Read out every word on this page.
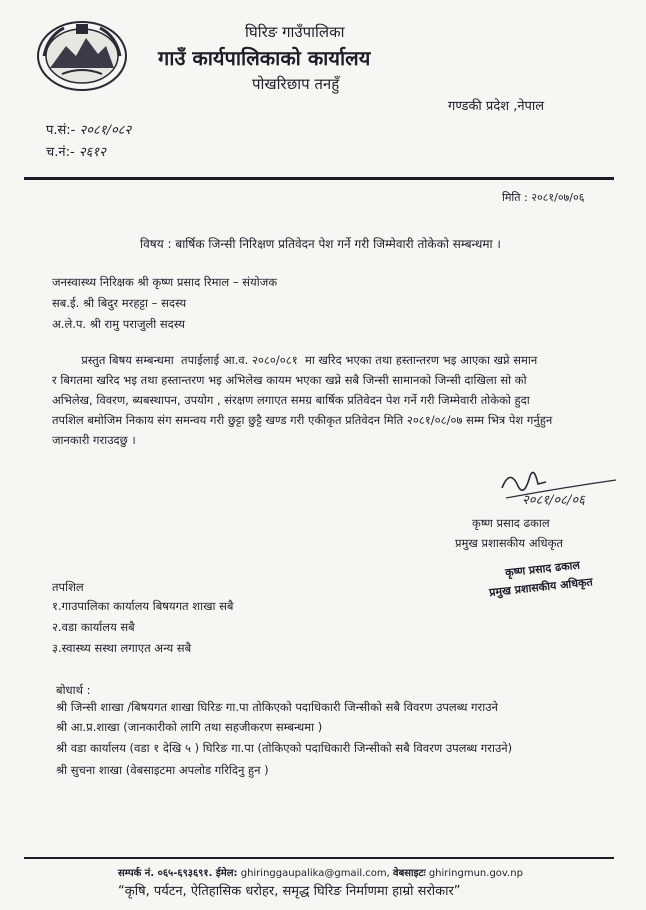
घिरिङ गाउँपालिका
गाउँ कार्यपालिकाको कार्यालय
पोखरिछाप तनहुँ
गण्डकी प्रदेश ,नेपाल
प.सं:- २०८१/०८२
च.नं:- २६१२
मिति : २०८१/०७/०६
विषय : बार्षिक जिन्सी निरिक्षण प्रतिवेदन पेश गर्ने गरी जिम्मेवारी तोकेको सम्बन्धमा ।
जनस्वास्थ्य निरिक्षक श्री कृष्ण प्रसाद रिमाल – संयोजक
सब.ई. श्री बिदुर मरहट्टा – सदस्य
अ.ले.प. श्री रामु पराजुली सदस्य
प्रस्तुत बिषय सम्बन्धमा  तपाईलाई आ.व. २०८०/०८१  मा खरिद भएका तथा हस्तान्तरण भइ आएका खप्ने समान
र बिगतमा खरिद भइ तथा हस्तान्तरण भइ अभिलेख कायम भएका खप्ने सबै जिन्सी सामानको जिन्सी दाखिला सो को
अभिलेख, विवरण, ब्यबस्थापन, उपयोग , संरक्षण लगाएत समग्र बार्षिक प्रतिवेदन पेश गर्ने गरी जिम्मेवारी तोकेको हुदा
तपशिल बमोजिम निकाय संग समन्वय गरी छुट्टा छुट्टै खण्ड गरी एकीकृत प्रतिवेदन मिति २०८१/०८/०७ सम्म भित्र पेश गर्नुहुन
जानकारी गराउदछु ।
२०८१/०८/०६
कृष्ण प्रसाद ढकाल
प्रमुख प्रशासकीय अधिकृत
कृष्ण प्रसाद ढकाल
प्रमुख प्रशासकीय अधिकृत
तपशिल
१.गाउपालिका कार्यालय बिषयगत शाखा सबै
२.वडा कार्यालय सबै
३.स्वास्थ्य सस्था लगाएत अन्य सबै
बोधार्थ :
श्री जिन्सी शाखा /बिषयगत शाखा घिरिङ गा.पा तोकिएको पदाधिकारी जिन्सीको सबै विवरण उपलब्ध गराउने
श्री आ.प्र.शाखा (जानकारीको लागि तथा सहजीकरण सम्बन्धमा )
श्री वडा कार्यालय (वडा १ देखि ५ ) घिरिङ गा.पा (तोकिएको पदाधिकारी जिन्सीको सबै विवरण उपलब्ध गराउने)
श्री सुचना शाखा (वेबसाइटमा अपलोड गरिदिनु हुन )
सम्पर्क नं. ०६५-६९३६९१. ईमेल: ghiringgaupalika@gmail.com, वेबसाइटः ghiringmun.gov.np
“कृषि, पर्यटन, ऐतिहासिक धरोहर, समृद्ध घिरिङ निर्माणमा हाम्रो सरोकार”
